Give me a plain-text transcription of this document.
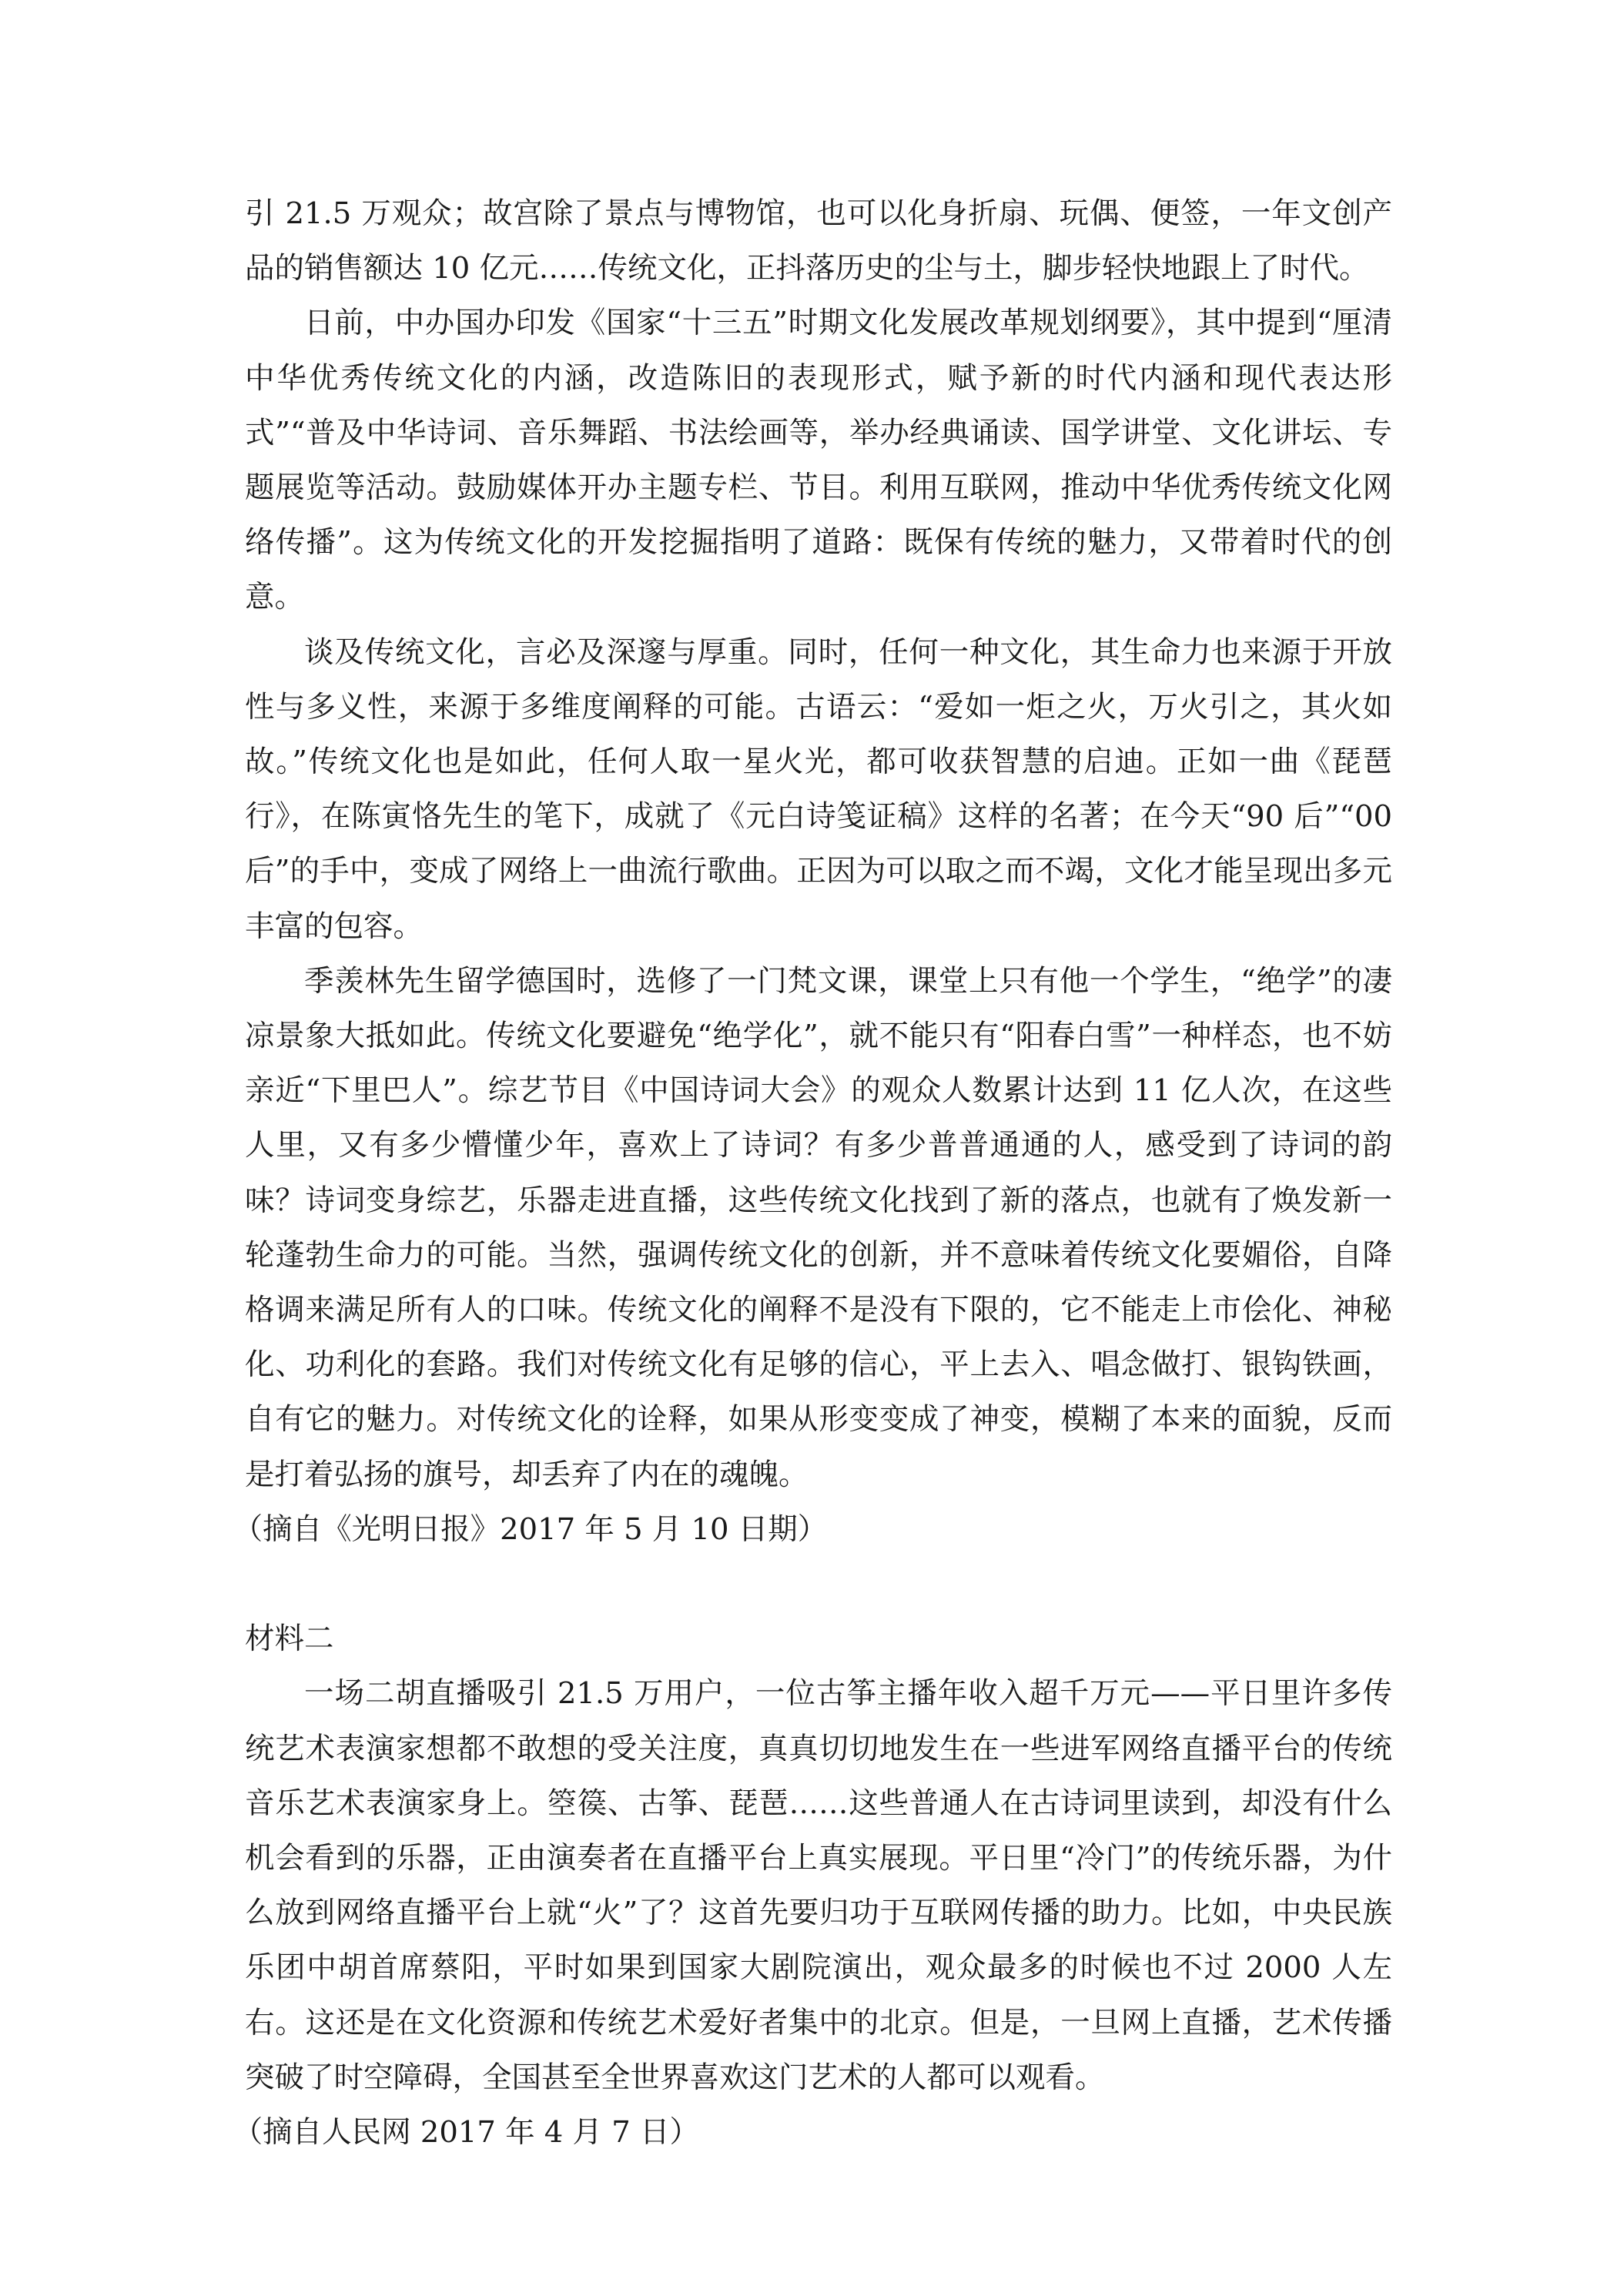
引 21.5 万观众；故宫除了景点与博物馆，也可以化身折扇、玩偶、便签，一年文创产品的销售额达 10 亿元……传统文化，正抖落历史的尘与土，脚步轻快地跟上了时代。

日前，中办国办印发《国家“十三五”时期文化发展改革规划纲要》，其中提到“厘清中华优秀传统文化的内涵，改造陈旧的表现形式，赋予新的时代内涵和现代表达形式”“普及中华诗词、音乐舞蹈、书法绘画等，举办经典诵读、国学讲堂、文化讲坛、专题展览等活动。鼓励媒体开办主题专栏、节目。利用互联网，推动中华优秀传统文化网络传播”。这为传统文化的开发挖掘指明了道路：既保有传统的魅力，又带着时代的创意。

谈及传统文化，言必及深邃与厚重。同时，任何一种文化，其生命力也来源于开放性与多义性，来源于多维度阐释的可能。古语云：“爱如一炬之火，万火引之，其火如故。”传统文化也是如此，任何人取一星火光，都可收获智慧的启迪。正如一曲《琵琶行》，在陈寅恪先生的笔下，成就了《元白诗笺证稿》这样的名著；在今天“90 后”“00 后”的手中，变成了网络上一曲流行歌曲。正因为可以取之而不竭，文化才能呈现出多元丰富的包容。

季羡林先生留学德国时，选修了一门梵文课，课堂上只有他一个学生，“绝学”的凄凉景象大抵如此。传统文化要避免“绝学化”，就不能只有“阳春白雪”一种样态，也不妨亲近“下里巴人”。综艺节目《中国诗词大会》的观众人数累计达到 11 亿人次，在这些人里，又有多少懵懂少年，喜欢上了诗词？有多少普普通通的人，感受到了诗词的韵味？诗词变身综艺，乐器走进直播，这些传统文化找到了新的落点，也就有了焕发新一轮蓬勃生命力的可能。当然，强调传统文化的创新，并不意味着传统文化要媚俗，自降格调来满足所有人的口味。传统文化的阐释不是没有下限的，它不能走上市侩化、神秘化、功利化的套路。我们对传统文化有足够的信心，平上去入、唱念做打、银钩铁画，自有它的魅力。对传统文化的诠释，如果从形变变成了神变，模糊了本来的面貌，反而是打着弘扬的旗号，却丢弃了内在的魂魄。

（摘自《光明日报》2017 年 5 月 10 日期）

材料二

一场二胡直播吸引 21.5 万用户，一位古筝主播年收入超千万元——平日里许多传统艺术表演家想都不敢想的受关注度，真真切切地发生在一些进军网络直播平台的传统音乐艺术表演家身上。箜篌、古筝、琵琶……这些普通人在古诗词里读到，却没有什么机会看到的乐器，正由演奏者在直播平台上真实展现。平日里“冷门”的传统乐器，为什么放到网络直播平台上就“火”了？这首先要归功于互联网传播的助力。比如，中央民族乐团中胡首席蔡阳，平时如果到国家大剧院演出，观众最多的时候也不过 2000 人左右。这还是在文化资源和传统艺术爱好者集中的北京。但是，一旦网上直播，艺术传播突破了时空障碍，全国甚至全世界喜欢这门艺术的人都可以观看。

（摘自人民网 2017 年 4 月 7 日）
